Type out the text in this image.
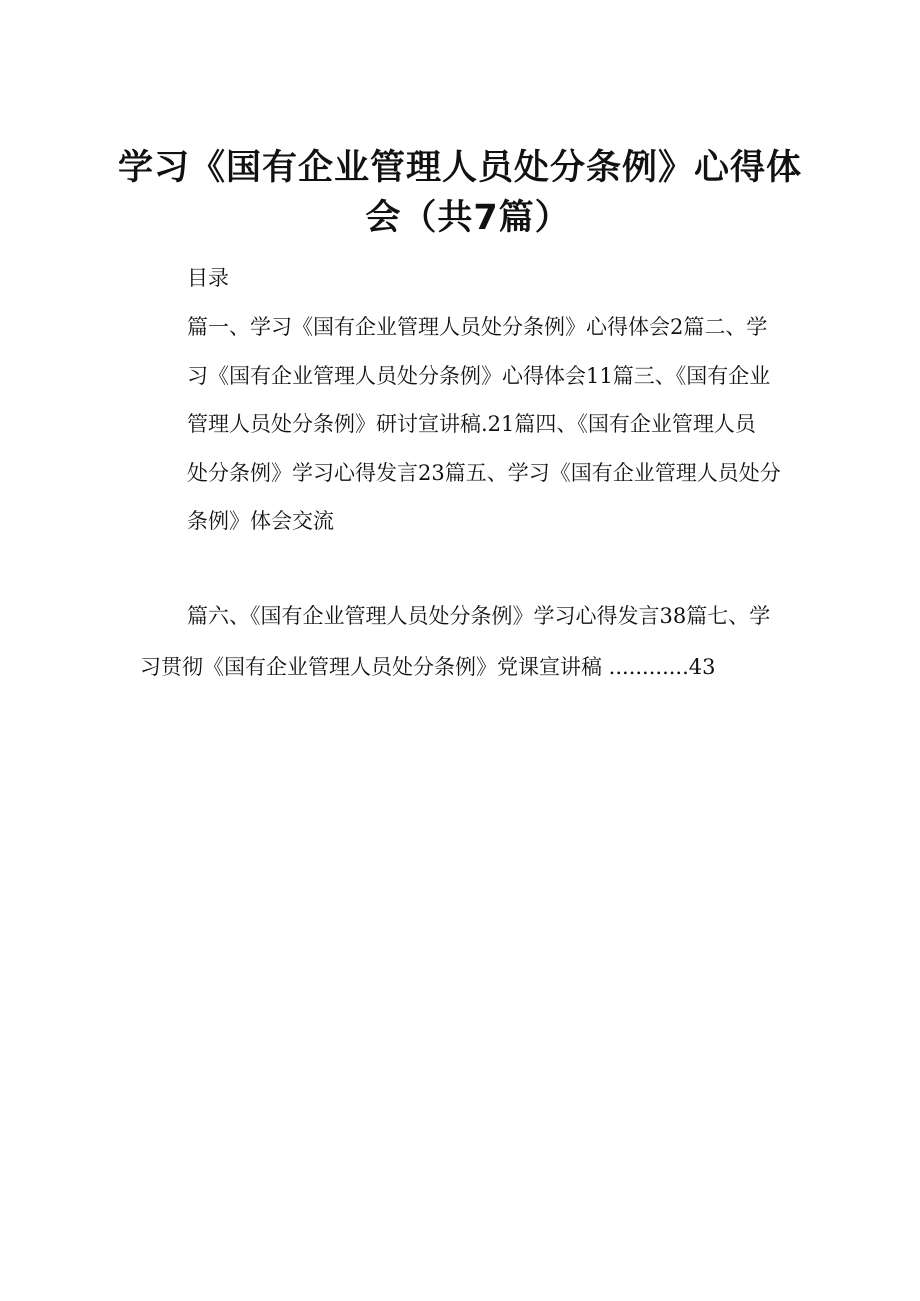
学习《国有企业管理人员处分条例》心得体
会（共7篇）
目录
篇一、学习《国有企业管理人员处分条例》心得体会2篇二、学
习《国有企业管理人员处分条例》心得体会11篇三、《国有企业
管理人员处分条例》研讨宣讲稿.21篇四、《国有企业管理人员
处分条例》学习心得发言23篇五、学习《国有企业管理人员处分
条例》体会交流
篇六、《国有企业管理人员处分条例》学习心得发言38篇七、学
习贯彻《国有企业管理人员处分条例》党课宣讲稿 ............43
